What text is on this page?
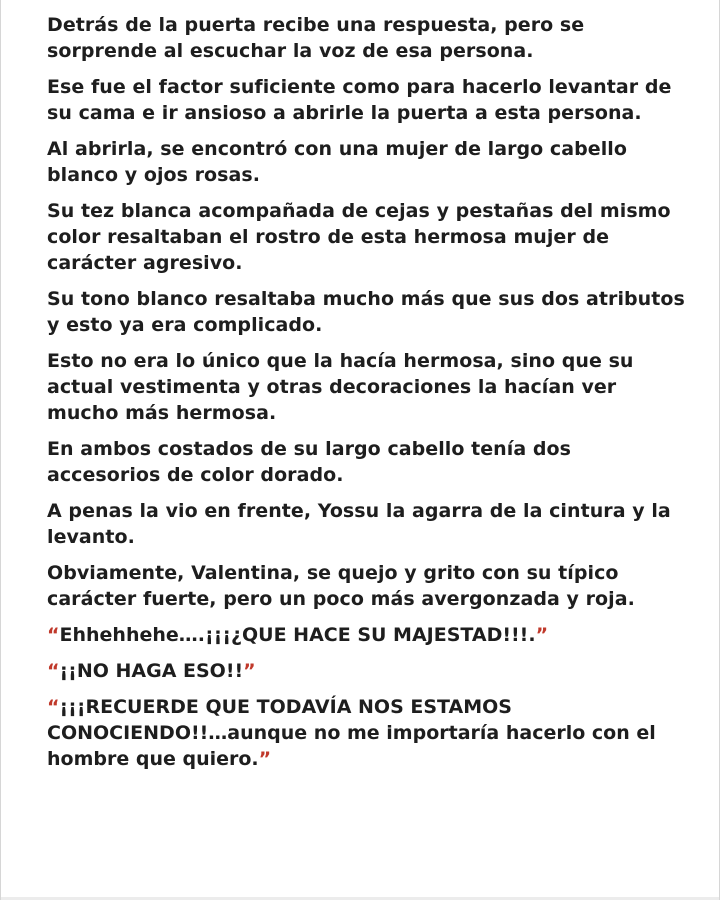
Detrás de la puerta recibe una respuesta, pero se sorprende al escuchar la voz de esa persona.

Ese fue el factor suficiente como para hacerlo levantar de su cama e ir ansioso a abrirle la puerta a esta persona.

Al abrirla, se encontró con una mujer de largo cabello blanco y ojos rosas.

Su tez blanca acompañada de cejas y pestañas del mismo color resaltaban el rostro de esta hermosa mujer de carácter agresivo.

Su tono blanco resaltaba mucho más que sus dos atributos y esto ya era complicado.

Esto no era lo único que la hacía hermosa, sino que su actual vestimenta y otras decoraciones la hacían ver mucho más hermosa.

En ambos costados de su largo cabello tenía dos accesorios de color dorado.

A penas la vio en frente, Yossu la agarra de la cintura y la levanto.

Obviamente, Valentina, se quejo y grito con su típico carácter fuerte, pero un poco más avergonzada y roja.

“Ehhehhehe….¡¡¡¿QUE HACE SU MAJESTAD!!!.”

“¡¡NO HAGA ESO!!”

“¡¡¡RECUERDE QUE TODAVÍA NOS ESTAMOS CONOCIENDO!!…aunque no me importaría hacerlo con el hombre que quiero.”
